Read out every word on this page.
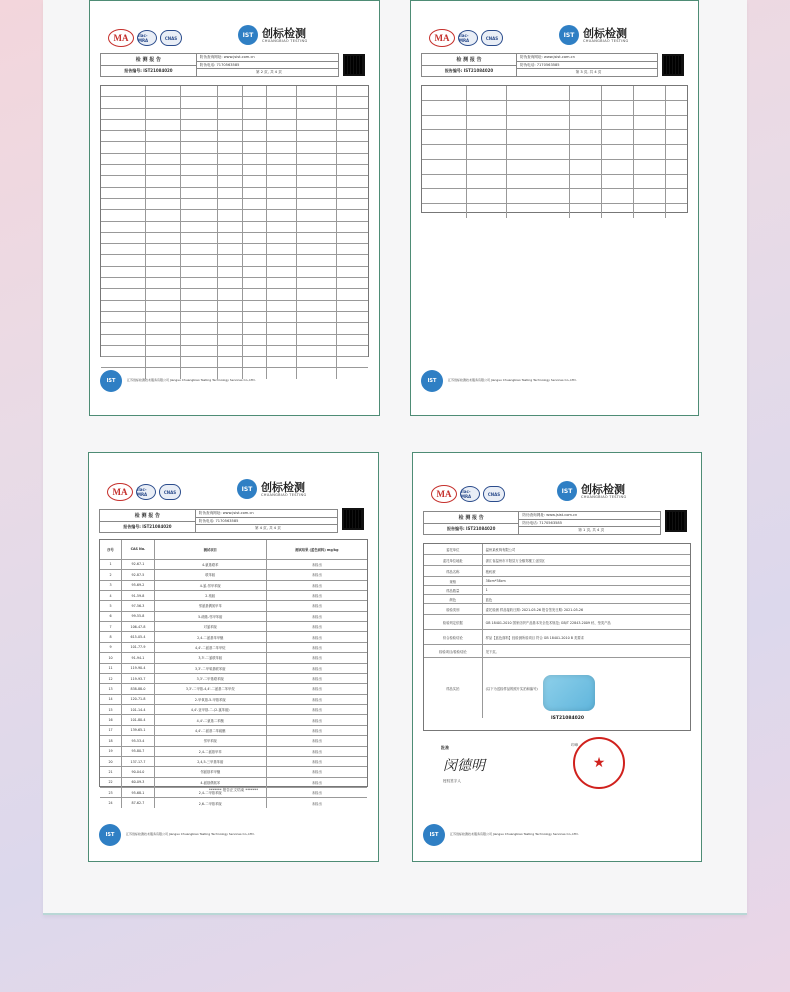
MA	ilac-MRA	CNAS	IST 创标检测
CHUANGBIAO TESTING
检 测 报 告
报告编号: IST21084020
防伪查询网址: www.jsist.com.cn
防伪电话: 7170563585
第 2 页, 共 4 页
IST	江苏创标检测技术服务有限公司 Jiangsu Chuangbiao Testing Technology Services Co.,LTD.
MA	ilac-MRA	CNAS	IST 创标检测
CHUANGBIAO TESTING
检 测 报 告
报告编号: IST21084020
防伪查询网址: www.jsist.com.cn
防伪电话: 7170563585
第 3 页, 共 4 页
IST	江苏创标检测技术服务有限公司 Jiangsu Chuangbiao Testing Technology Services Co.,LTD.
MA	ilac-MRA	CNAS	IST 创标检测
CHUANGBIAO TESTING
检 测 报 告
报告编号: IST21084020
防伪查询网址: www.jsist.com.cn
防伪电话: 7170563585
第 4 页, 共 4 页
序号	CAS No.	测试项目	测试结果 (蓝色面料) mg/kg
1	92-67-1	4-氨基联苯	未检出
2	92-87-5	联苯胺	未检出
3	95-69-2	4-氯-邻甲苯胺	未检出
4	91-59-8	2-萘胺	未检出
5	97-56-3	邻氨基偶氮甲苯	未检出
6	99-55-8	5-硝基-邻甲苯胺	未检出
7	106-47-8	对氯苯胺	未检出
8	615-05-4	2,4-二氨基苯甲醚	未检出
9	101-77-9	4,4'-二氨基二苯甲烷	未检出
10	91-94-1	3,3'-二氯联苯胺	未检出
11	119-90-4	3,3'-二甲氧基联苯胺	未检出
12	119-93-7	3,3'-二甲基联苯胺	未检出
13	838-88-0	3,3'-二甲基-4,4'-二氨基二苯甲烷	未检出
14	120-71-8	2-甲氧基-5-甲基苯胺	未检出
15	101-14-4	4,4'-亚甲基-二-(2-氯苯胺)	未检出
16	101-80-4	4,4'-二氨基二苯醚	未检出
17	139-65-1	4,4'-二氨基二苯硫醚	未检出
18	95-53-4	邻甲苯胺	未检出
19	95-80-7	2,4-二氨基甲苯	未检出
20	137-17-7	2,4,5-三甲基苯胺	未检出
21	90-04-0	邻氨基苯甲醚	未检出
22	60-09-3	4-氨基偶氮苯	未检出
23	95-68-1	2,4-二甲基苯胺	未检出
24	87-62-7	2,6-二甲基苯胺	未检出
******* 报告正文结束 *******
IST	江苏创标检测技术服务有限公司 Jiangsu Chuangbiao Testing Technology Services Co.,LTD.
MA	ilac-MRA	CNAS	IST 创标检测
CHUANGBIAO TESTING
检 测 报 告
报告编号: IST21084020
防伪查询网址: www.jsist.com.cn
防伪电话: 7170563585
第 1 页, 共 4 页
委托单位	温州某枕椅有限公司
委托单位地址	浙江省温州市平阳县万全镇郑楼工业园区
样品名称	抱枕被
规格	38cm*38cm
样品数量	1
颜色	蓝色
检验类别	委托检测 样品接收日期: 2021-05-26 报告签发日期: 2021-05-26
检验判定依据	GB 18401-2010 国家纺织产品基本安全技术规范; GB/T 22843-2009 枕、垫类产品
综合检验结论	样品【蓝色面料】经检测所检项目 符合 GB 18401-2010 B 类要求
检验项目/检验结论	见下页。
样品实拍	(以下为送检样品的照片实拍和编号)
IST21084020
批准
闵德明
授权签字人
印章
★
IST	江苏创标检测技术服务有限公司 Jiangsu Chuangbiao Testing Technology Services Co.,LTD.
